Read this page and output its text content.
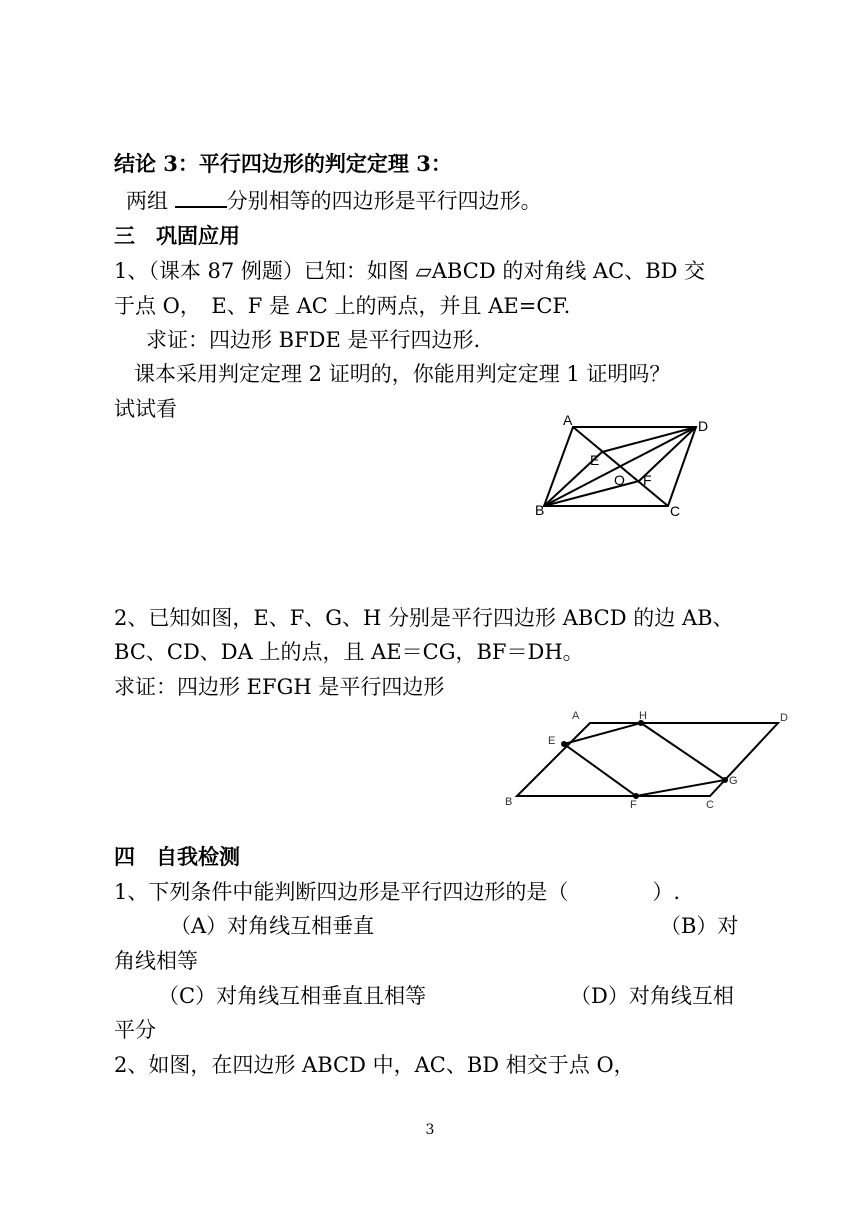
结论 3：平行四边形的判定定理 3：
两组 分别相等的四边形是平行四边形。
三　巩固应用
1、（课本 87 例题）已知：如图 ▱ABCD 的对角线 AC、BD 交
于点 O，　E、F 是 AC 上的两点，并且 AE=CF.
求证：四边形 BFDE 是平行四边形.
课本采用判定定理 2 证明的，你能用判定定理 1 证明吗？
试试看	A	D
E
O F
B	C
2、已知如图，E、F、G、H 分别是平行四边形 ABCD 的边 AB、
BC、CD、DA 上的点，且 AE＝CG，BF＝DH。
求证：四边形 EFGH 是平行四边形
A	H	D
E
G
B	F	C
四　自我检测
1、下列条件中能判断四边形是平行四边形的是（　　　　）.
（A）对角线互相垂直	（B）对
角线相等
（C）对角线互相垂直且相等	（D）对角线互相
平分
2、如图，在四边形 ABCD 中，AC、BD 相交于点 O，
3
